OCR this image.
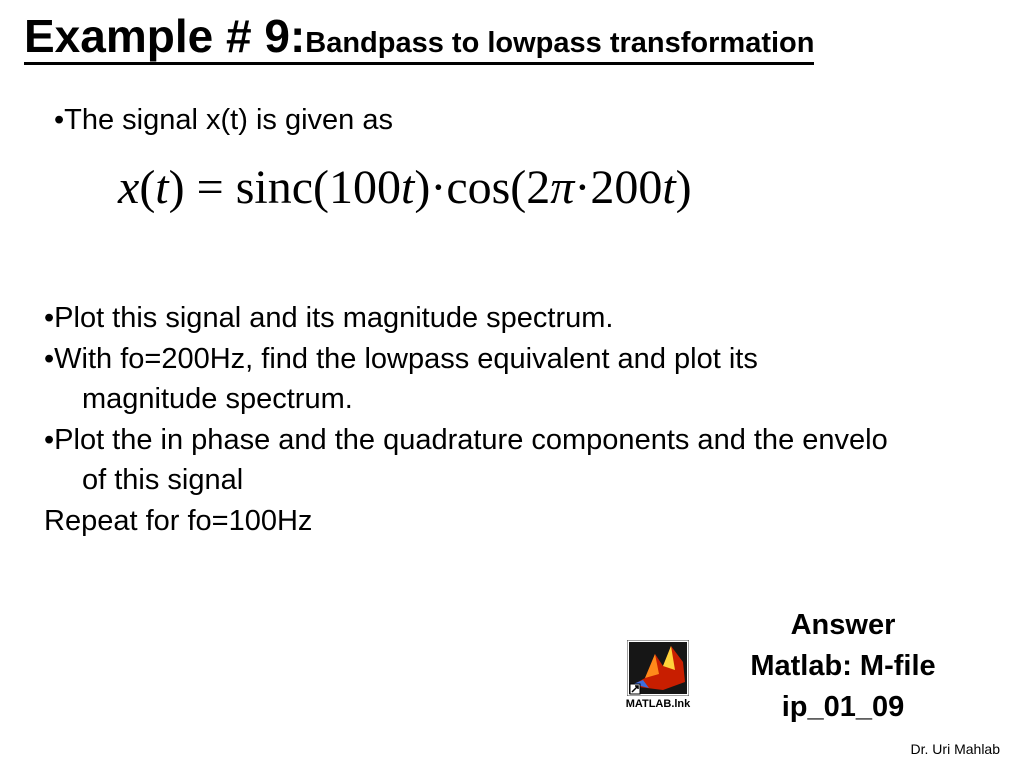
Example # 9:Bandpass to lowpass transformation
•The signal x(t) is given as
x(t) = sinc(100t)·cos(2π·200t)
•Plot this signal and its magnitude spectrum.
•With fo=200Hz, find the lowpass equivalent and plot its
magnitude spectrum.
•Plot the in phase and the quadrature components and the envelo
of this signal
Repeat for fo=100Hz
MATLAB.lnk
Answer
Matlab: M-file
ip_01_09
Dr. Uri Mahlab
